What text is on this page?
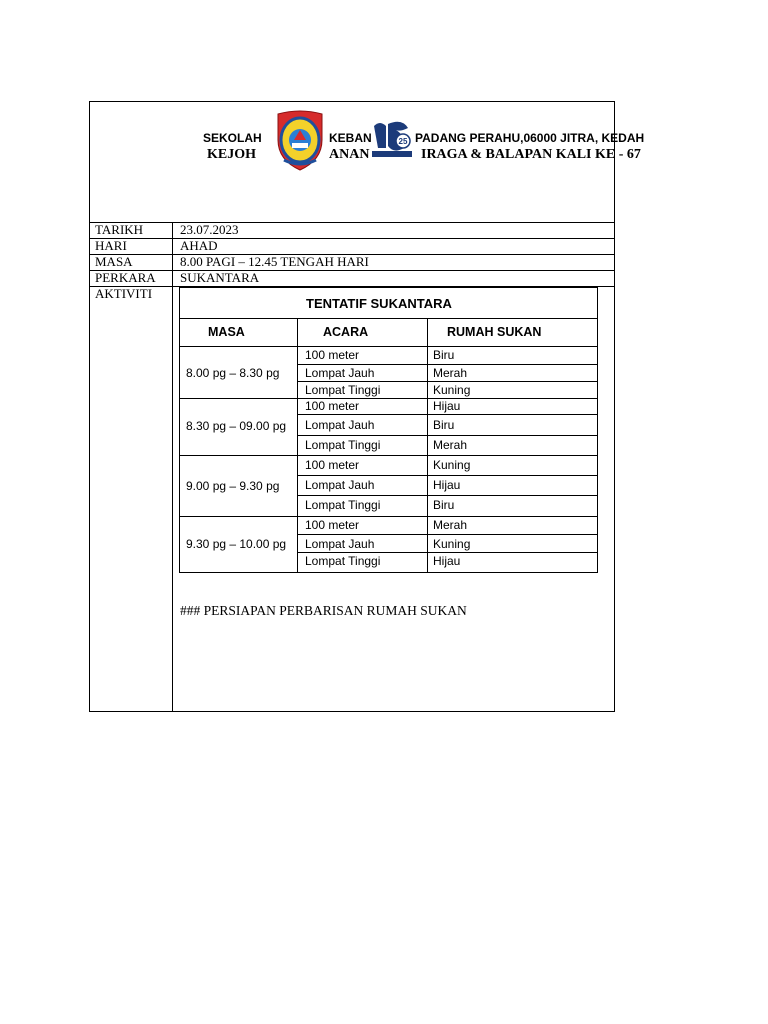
SEKOLAH	KEBAN	PADANG PERAHU,06000 JITRA, KEDAH
KEJOH	ANAN	IRAGA & BALAPAN KALI KE - 67
25
TARIKH	23.07.2023
HARI	AHAD
MASA	8.00 PAGI – 12.45 TENGAH HARI
PERKARA SUKANTARA
AKTIVITI
TENTATIF SUKANTARA
MASA	ACARA	RUMAH SUKAN
8.00 pg – 8.30 pg
100 meter	Biru
Lompat Jauh	Merah
Lompat Tinggi	Kuning
8.30 pg – 09.00 pg
100 meter	Hijau
Lompat Jauh	Biru
Lompat Tinggi	Merah
9.00 pg – 9.30 pg
100 meter	Kuning
Lompat Jauh	Hijau
Lompat Tinggi	Biru
9.30 pg – 10.00 pg
100 meter	Merah
Lompat Jauh	Kuning
Lompat Tinggi	Hijau
### PERSIAPAN PERBARISAN RUMAH SUKAN
